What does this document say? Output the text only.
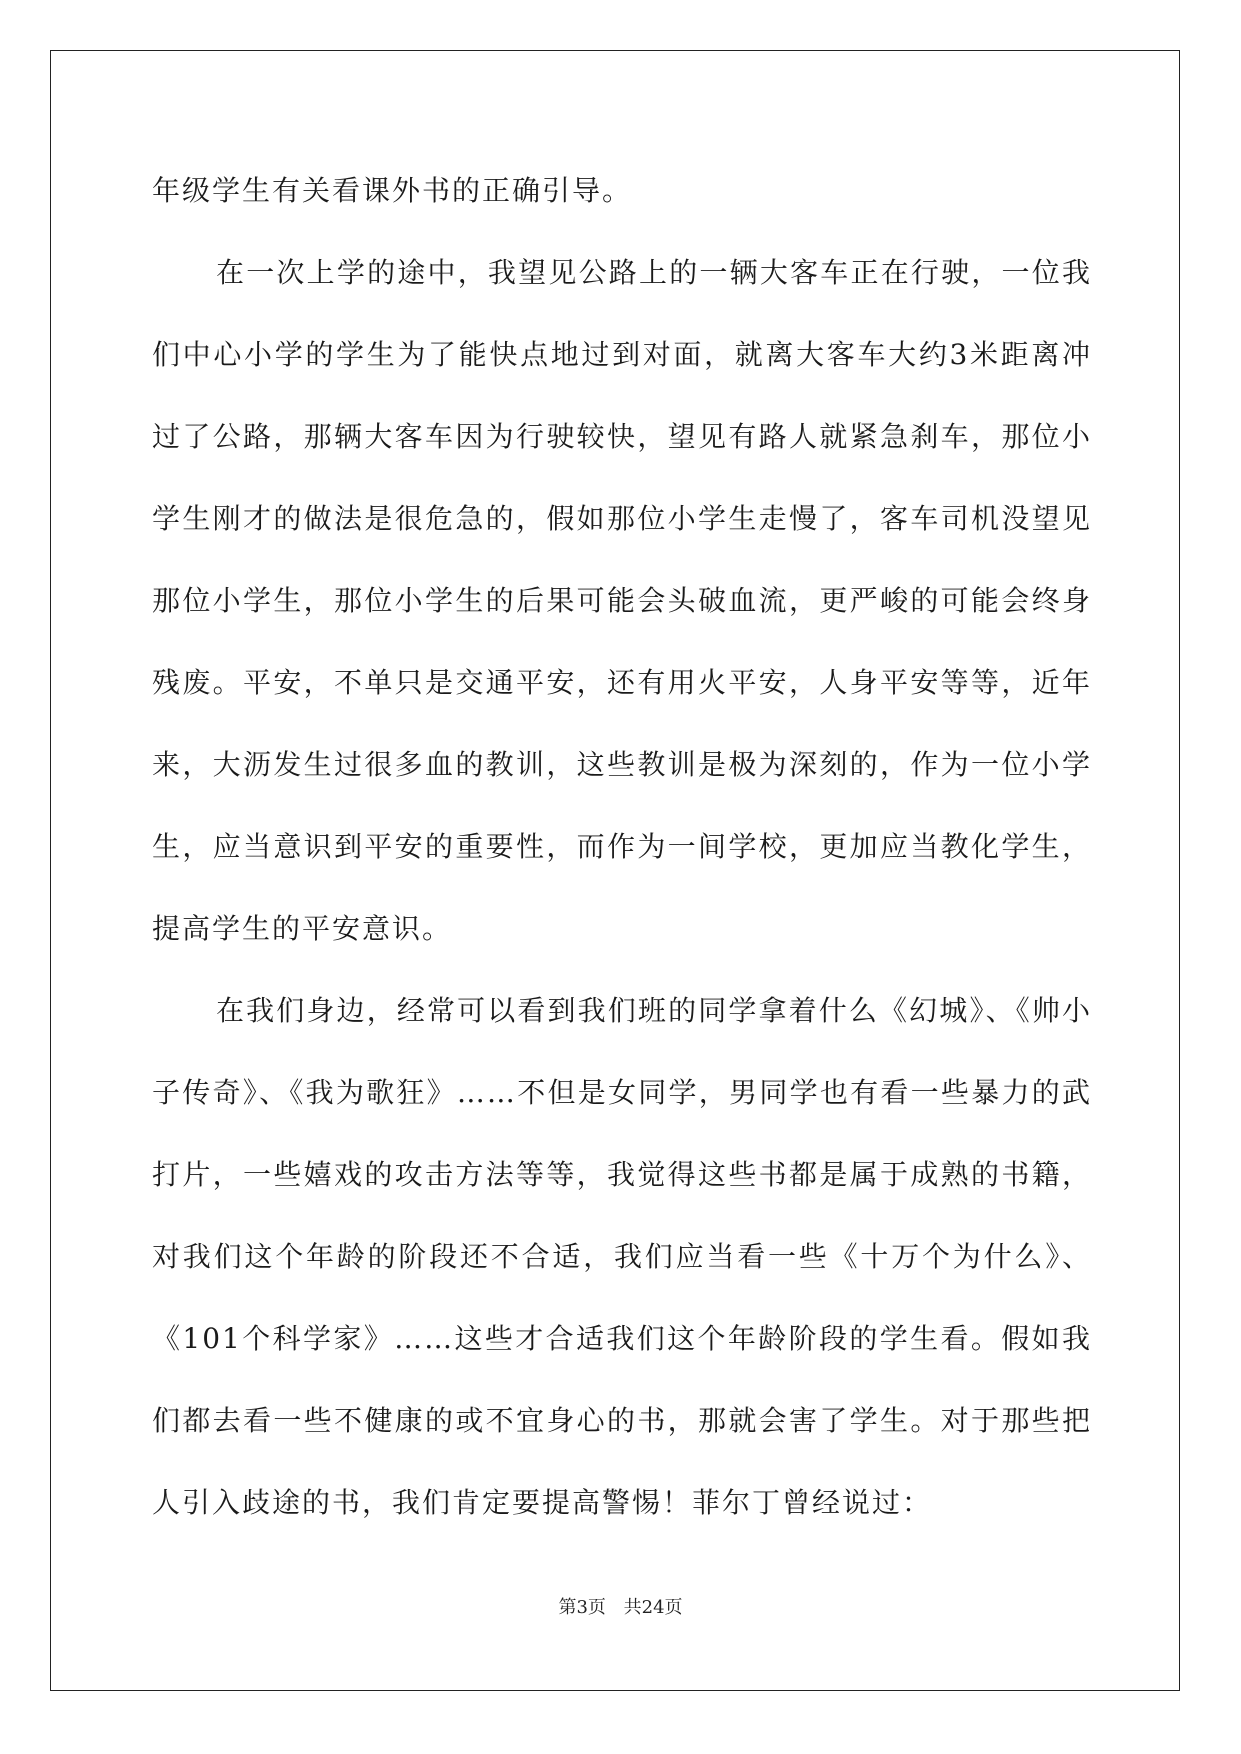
年级学生有关看课外书的正确引导。

在一次上学的途中，我望见公路上的一辆大客车正在行驶，一位我们中心小学的学生为了能快点地过到对面，就离大客车大约3米距离冲过了公路，那辆大客车因为行驶较快，望见有路人就紧急刹车，那位小学生刚才的做法是很危急的，假如那位小学生走慢了，客车司机没望见那位小学生，那位小学生的后果可能会头破血流，更严峻的可能会终身残废。平安，不单只是交通平安，还有用火平安，人身平安等等，近年来，大沥发生过很多血的教训，这些教训是极为深刻的，作为一位小学生，应当意识到平安的重要性，而作为一间学校，更加应当教化学生，提高学生的平安意识。

在我们身边，经常可以看到我们班的同学拿着什么《幻城》、《帅小子传奇》、《我为歌狂》……不但是女同学，男同学也有看一些暴力的武打片，一些嬉戏的攻击方法等等，我觉得这些书都是属于成熟的书籍，对我们这个年龄的阶段还不合适，我们应当看一些《十万个为什么》、《101个科学家》……这些才合适我们这个年龄阶段的学生看。假如我们都去看一些不健康的或不宜身心的书，那就会害了学生。对于那些把人引入歧途的书，我们肯定要提高警惕！菲尔丁曾经说过：

第3页 共24页
